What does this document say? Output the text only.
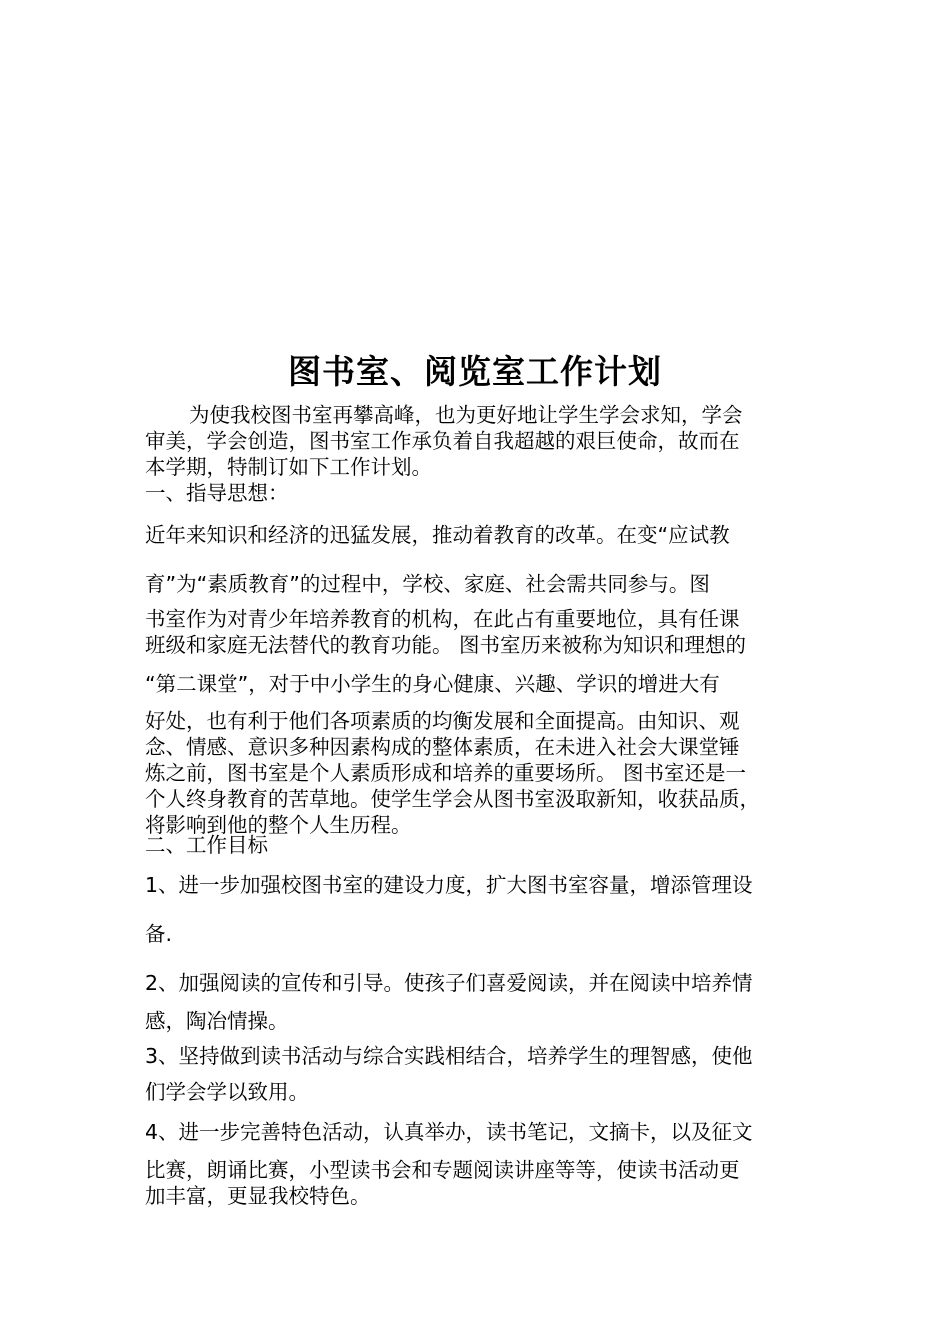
图书室、阅览室工作计划
为使我校图书室再攀高峰，也为更好地让学生学会求知，学会
审美，学会创造，图书室工作承负着自我超越的艰巨使命，故而在
本学期，特制订如下工作计划。
一、指导思想：
近年来知识和经济的迅猛发展，推动着教育的改革。在变“应试教
育”为“素质教育”的过程中，学校、家庭、社会需共同参与。图
书室作为对青少年培养教育的机构，在此占有重要地位，具有任课
班级和家庭无法替代的教育功能。 图书室历来被称为知识和理想的
“第二课堂”，对于中小学生的身心健康、兴趣、学识的增进大有
好处，也有利于他们各项素质的均衡发展和全面提高。由知识、观
念、情感、意识多种因素构成的整体素质，在未进入社会大课堂锤
炼之前，图书室是个人素质形成和培养的重要场所。 图书室还是一
个人终身教育的苦草地。使学生学会从图书室汲取新知，收获品质，
将影响到他的整个人生历程。
二、工作目标
1、进一步加强校图书室的建设力度，扩大图书室容量，增添管理设
备.
2、加强阅读的宣传和引导。使孩子们喜爱阅读，并在阅读中培养情
感，陶冶情操。
3、坚持做到读书活动与综合实践相结合，培养学生的理智感，使他
们学会学以致用。
4、进一步完善特色活动，认真举办，读书笔记，文摘卡，以及征文
比赛，朗诵比赛，小型读书会和专题阅读讲座等等，使读书活动更
加丰富，更显我校特色。
